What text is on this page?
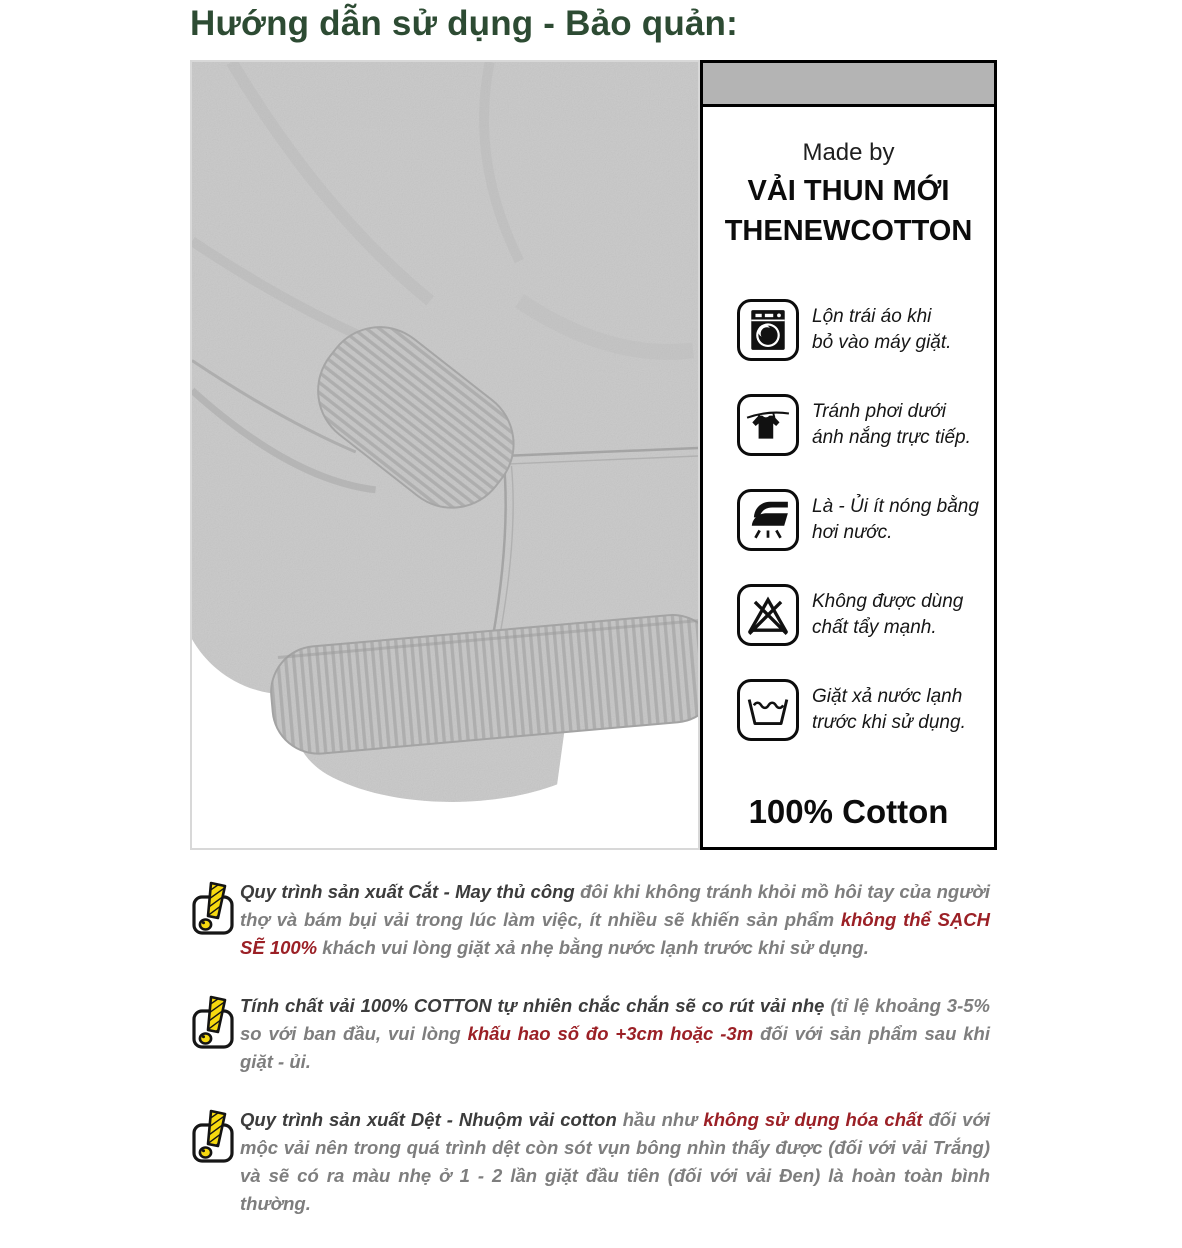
Hướng dẫn sử dụng - Bảo quản:
Made by
VẢI THUN MỚI
THENEWCOTTON
Lộn trái áo khi
bỏ vào máy giặt.
Tránh phơi dưới
ánh nắng trực tiếp.
Là - Ủi ít nóng bằng
hơi nước.
Không được dùng
chất tẩy mạnh.
Giặt xả nước lạnh
trước khi sử dụng.
100% Cotton

Quy trình sản xuất Cắt - May thủ công đôi khi không tránh khỏi mồ hôi tay của người thợ và bám bụi vải trong lúc làm việc, ít nhiều sẽ khiến sản phẩm không thể SẠCH SẼ 100% khách vui lòng giặt xả nhẹ bằng nước lạnh trước khi sử dụng.

Tính chất vải 100% COTTON tự nhiên chắc chắn sẽ co rút vải nhẹ (tỉ lệ khoảng 3-5% so với ban đầu, vui lòng khấu hao số đo +3cm hoặc -3m đối với sản phẩm sau khi giặt - ủi.

Quy trình sản xuất Dệt - Nhuộm vải cotton hầu như không sử dụng hóa chất đối với mộc vải nên trong quá trình dệt còn sót vụn bông nhìn thấy được (đối với vải Trắng) và sẽ có ra màu nhẹ ở 1 - 2 lần giặt đầu tiên (đối với vải Đen) là hoàn toàn bình thường.
